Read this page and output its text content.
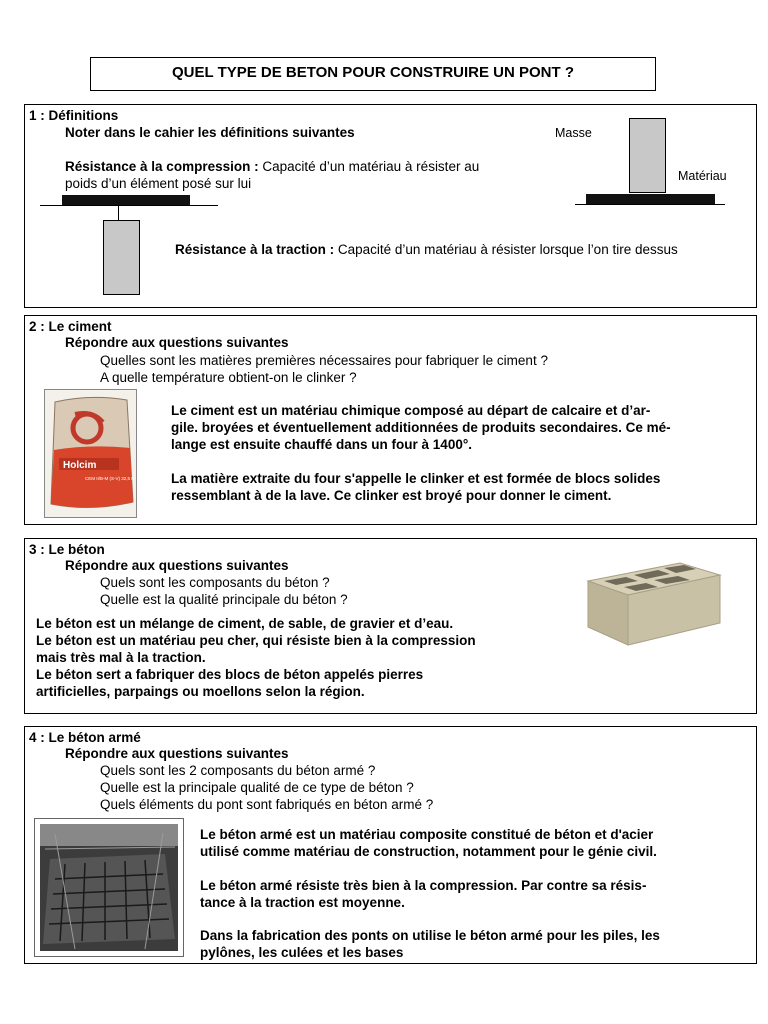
QUEL TYPE DE BETON POUR CONSTRUIRE UN PONT ?
1 : Définitions
Noter dans le cahier les définitions suivantes
Résistance à la compression : Capacité d’un matériau à résister au
poids d’un élément posé sur lui
Résistance à la traction : Capacité d’un matériau à résister lorsque l’on tire dessus
Masse
Matériau
2 : Le ciment
Répondre aux questions suivantes
Quelles sont les matières premières nécessaires pour fabriquer le ciment ?
A quelle température obtient-on le clinker ?
Holcim
CEM II/B-M (S-V) 32,5 R
Le ciment est un matériau chimique composé au départ de calcaire et d’ar-
gile. broyées et éventuellement additionnées de produits secondaires. Ce mé-
lange est ensuite chauffé dans un four à 1400°.
La matière extraite du four s'appelle le clinker et est formée de blocs solides
ressemblant à de la lave. Ce clinker est broyé pour donner le ciment.
3 : Le béton
Répondre aux questions suivantes
Quels sont les composants du béton ?
Quelle est la qualité principale du béton ?
Le béton est un mélange de ciment, de sable, de gravier et d’eau.
Le béton est un matériau peu cher, qui résiste bien à la compression
mais très mal à la traction.
Le béton sert a fabriquer des blocs de béton appelés pierres
artificielles, parpaings ou moellons selon la région.
4 : Le béton armé
Répondre aux questions suivantes
Quels sont les 2 composants du béton armé ?
Quelle est la principale qualité de ce type de béton ?
Quels éléments du pont sont fabriqués en béton armé ?
Le béton armé est un matériau composite constitué de béton et d'acier
utilisé comme matériau de construction, notamment pour le génie civil.
Le béton armé résiste très bien à la compression. Par contre sa résis-
tance à la traction est moyenne.
Dans la fabrication des ponts on utilise le béton armé pour les piles, les
pylônes, les culées et les bases
